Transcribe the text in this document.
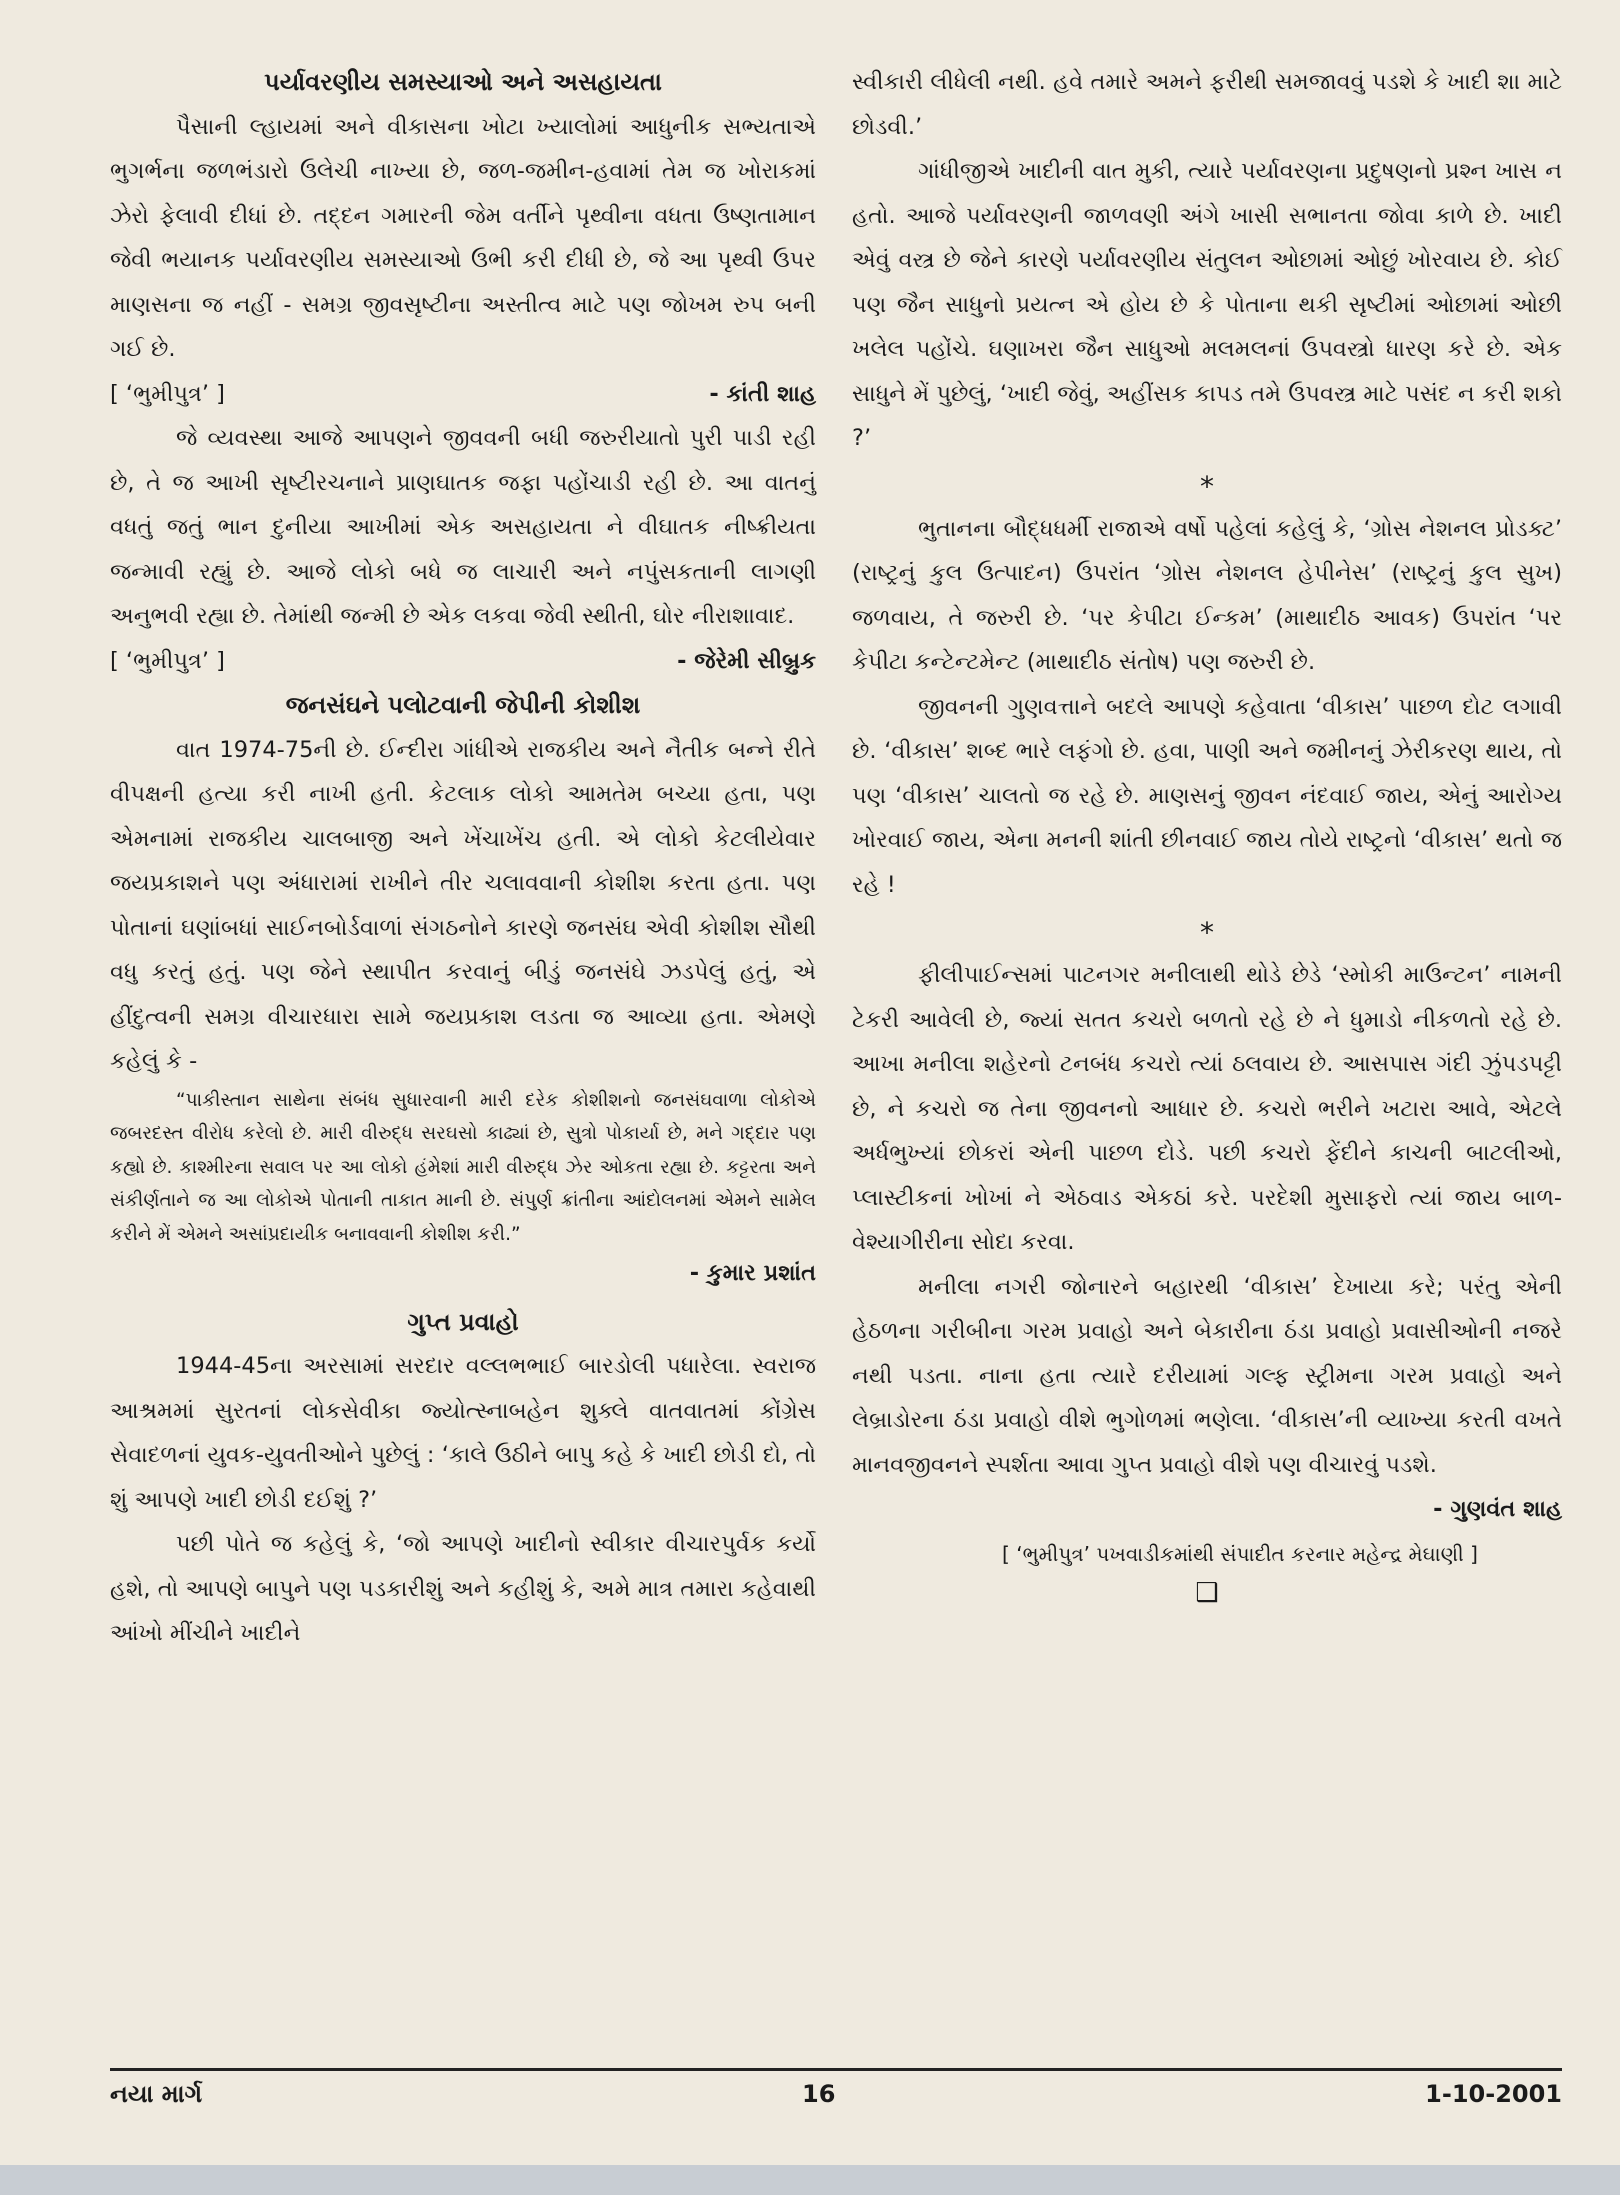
પર્યાવરણીય સમસ્યાઓ અને અસહાયતા

પૈસાની લ્હાયમાં અને વીકાસના ખોટા ખ્યાલોમાં આધુનીક સભ્યતાએ ભુગર્ભના જળભંડારો ઉલેચી નાખ્યા છે, જળ-જમીન-હવામાં તેમ જ ખોરાકમાં ઝેરો ફેલાવી દીધાં છે. તદ્દન ગમારની જેમ વર્તીને પૃથ્વીના વધતા ઉષ્ણતામાન જેવી ભયાનક પર્યાવરણીય સમસ્યાઓ ઉભી કરી દીધી છે, જે આ પૃથ્વી ઉપર માણસના જ નહીં - સમગ્ર જીવસૃષ્ટીના અસ્તીત્વ માટે પણ જોખમ રુપ બની ગઈ છે.

[ ‘ભુમીપુત્ર’ ]	- કાંતી શાહ

જે વ્યવસ્થા આજે આપણને જીવવની બધી જરુરીયાતો પુરી પાડી રહી છે, તે જ આખી સૃષ્ટીરચનાને પ્રાણઘાતક જફા પહોંચાડી રહી છે. આ વાતનું વધતું જતું ભાન દુનીયા આખીમાં એક અસહાયતા ને વીઘાતક નીષ્ક્રીયતા જન્માવી રહ્યું છે. આજે લોકો બધે જ લાચારી અને નપુંસકતાની લાગણી અનુભવી રહ્યા છે. તેમાંથી જન્મી છે એક લકવા જેવી સ્થીતી, ઘોર નીરાશાવાદ.

[ ‘ભુમીપુત્ર’ ]	- જેરેમી સીબ્રુક
જનસંઘને પલોટવાની જેપીની કોશીશ

વાત 1974-75ની છે. ઈન્દીરા ગાંધીએ રાજકીય અને નૈતીક બન્ને રીતે વીપક્ષની હત્યા કરી નાખી હતી. કેટલાક લોકો આમતેમ બચ્યા હતા, પણ એમનામાં રાજકીય ચાલબાજી અને ખેંચાખેંચ હતી. એ લોકો કેટલીયેવાર જયપ્રકાશને પણ અંધારામાં રાખીને તીર ચલાવવાની કોશીશ કરતા હતા. પણ પોતાનાં ઘણાંબધાં સાઈનબોર્ડવાળાં સંગઠનોને કારણે જનસંઘ એવી કોશીશ સૌથી વધુ કરતું હતું. પણ જેને સ્થાપીત કરવાનું બીડું જનસંઘે ઝડપેલું હતું, એ હીંદુત્વની સમગ્ર વીચારધારા સામે જયપ્રકાશ લડતા જ આવ્યા હતા. એમણે કહેલું કે -

“પાકીસ્તાન સાથેના સંબંધ સુધારવાની મારી દરેક કોશીશનો જનસંઘવાળા લોકોએ જબરદસ્ત વીરોધ કરેલો છે. મારી વીરુદ્ધ સરઘસો કાઢ્યાં છે, સુત્રો પોકાર્યા છે, મને ગદ્દાર પણ કહ્યો છે. કાશ્મીરના સવાલ પર આ લોકો હંમેશાં મારી વીરુદ્ધ ઝેર ઓકતા રહ્યા છે. કટ્ટરતા અને સંકીર્ણતાને જ આ લોકોએ પોતાની તાકાત માની છે. સંપુર્ણ ક્રાંતીના આંદોલનમાં એમને સામેલ કરીને મેં એમને અસાંપ્રદાયીક બનાવવાની કોશીશ કરી.”

- કુમાર પ્રશાંત
ગુપ્ત પ્રવાહો

1944-45ના અરસામાં સરદાર વલ્લભભાઈ બારડોલી પધારેલા. સ્વરાજ આશ્રમમાં સુરતનાં લોકસેવીકા જ્યોત્સ્નાબહેન શુક્લે વાતવાતમાં કોંગ્રેસ સેવાદળનાં યુવક-યુવતીઓને પુછેલું : ‘કાલે ઉઠીને બાપુ કહે કે ખાદી છોડી દો, તો શું આપણે ખાદી છોડી દઈશું ?’

પછી પોતે જ કહેલું કે, ‘જો આપણે ખાદીનો સ્વીકાર વીચારપુર્વક કર્યો હશે, તો આપણે બાપુને પણ પડકારીશું અને કહીશું કે, અમે માત્ર તમારા કહેવાથી આંખો મીંચીને ખાદીને

સ્વીકારી લીધેલી નથી. હવે તમારે અમને ફરીથી સમજાવવું પડશે કે ખાદી શા માટે છોડવી.’

ગાંધીજીએ ખાદીની વાત મુકી, ત્યારે પર્યાવરણના પ્રદુષણનો પ્રશ્ન ખાસ ન હતો. આજે પર્યાવરણની જાળવણી અંગે ખાસી સભાનતા જોવા કાળે છે. ખાદી એવું વસ્ત્ર છે જેને કારણે પર્યાવરણીય સંતુલન ઓછામાં ઓછું ખોરવાય છે. કોઈ પણ જૈન સાધુનો પ્રયત્ન એ હોય છે કે પોતાના થકી સૃષ્ટીમાં ઓછામાં ઓછી ખલેલ પહોંચે. ઘણાખરા જૈન સાધુઓ મલમલનાં ઉપવસ્ત્રો ધારણ કરે છે. એક સાધુને મેં પુછેલું, ‘ખાદી જેવું, અહીંસક કાપડ તમે ઉપવસ્ત્ર માટે પસંદ ન કરી શકો ?’

*

ભુતાનના બૌદ્ધધર્મી રાજાએ વર્ષો પહેલાં કહેલું કે, ‘ગ્રોસ નેશનલ પ્રોડક્ટ’ (રાષ્ટ્રનું કુલ ઉત્પાદન) ઉપરાંત ‘ગ્રોસ નેશનલ હેપીનેસ’ (રાષ્ટ્રનું કુલ સુખ) જળવાય, તે જરુરી છે. ‘પર કેપીટા ઈન્કમ’ (માથાદીઠ આવક) ઉપરાંત ‘પર કેપીટા કન્ટેન્ટમેન્ટ (માથાદીઠ સંતોષ) પણ જરુરી છે.

જીવનની ગુણવત્તાને બદલે આપણે કહેવાતા ‘વીકાસ’ પાછળ દોટ લગાવી છે. ‘વીકાસ’ શબ્દ ભારે લફંગો છે. હવા, પાણી અને જમીનનું ઝેરીકરણ થાય, તો પણ ‘વીકાસ’ ચાલતો જ રહે છે. માણસનું જીવન નંદવાઈ જાય, એનું આરોગ્ય ખોરવાઈ જાય, એના મનની શાંતી છીનવાઈ જાય તોયે રાષ્ટ્રનો ‘વીકાસ’ થતો જ રહે !

*

ફીલીપાઈન્સમાં પાટનગર મનીલાથી થોડે છેડે ‘સ્મોકી માઉન્ટન’ નામની ટેકરી આવેલી છે, જ્યાં સતત કચરો બળતો રહે છે ને ધુમાડો નીકળતો રહે છે. આખા મનીલા શહેરનો ટનબંધ કચરો ત્યાં ઠલવાય છે. આસપાસ ગંદી ઝુંપડપટ્ટી છે, ને કચરો જ તેના જીવનનો આધાર છે. કચરો ભરીને ખટારા આવે, એટલે અર્ધભુખ્યાં છોકરાં એની પાછળ દોડે. પછી કચરો ફેંદીને કાચની બાટલીઓ, પ્લાસ્ટીકનાં ખોખાં ને એઠવાડ એકઠાં કરે. પરદેશી મુસાફરો ત્યાં જાય બાળ-વેશ્યાગીરીના સોદા કરવા.

મનીલા નગરી જોનારને બહારથી ‘વીકાસ’ દેખાયા કરે; પરંતુ એની હેઠળના ગરીબીના ગરમ પ્રવાહો અને બેકારીના ઠંડા પ્રવાહો પ્રવાસીઓની નજરે નથી પડતા. નાના હતા ત્યારે દરીયામાં ગલ્ફ સ્ટ્રીમના ગરમ પ્રવાહો અને લેબ્રાડોરના ઠંડા પ્રવાહો વીશે ભુગોળમાં ભણેલા. ‘વીકાસ’ની વ્યાખ્યા કરતી વખતે માનવજીવનને સ્પર્શતા આવા ગુપ્ત પ્રવાહો વીશે પણ વીચારવું પડશે.

- ગુણવંત શાહ

[ ‘ભુમીપુત્ર’ પખવાડીકમાંથી સંપાદીત કરનાર મહેન્દ્ર મેઘાણી ]

❑
નયા માર્ગ	16	1-10-2001
